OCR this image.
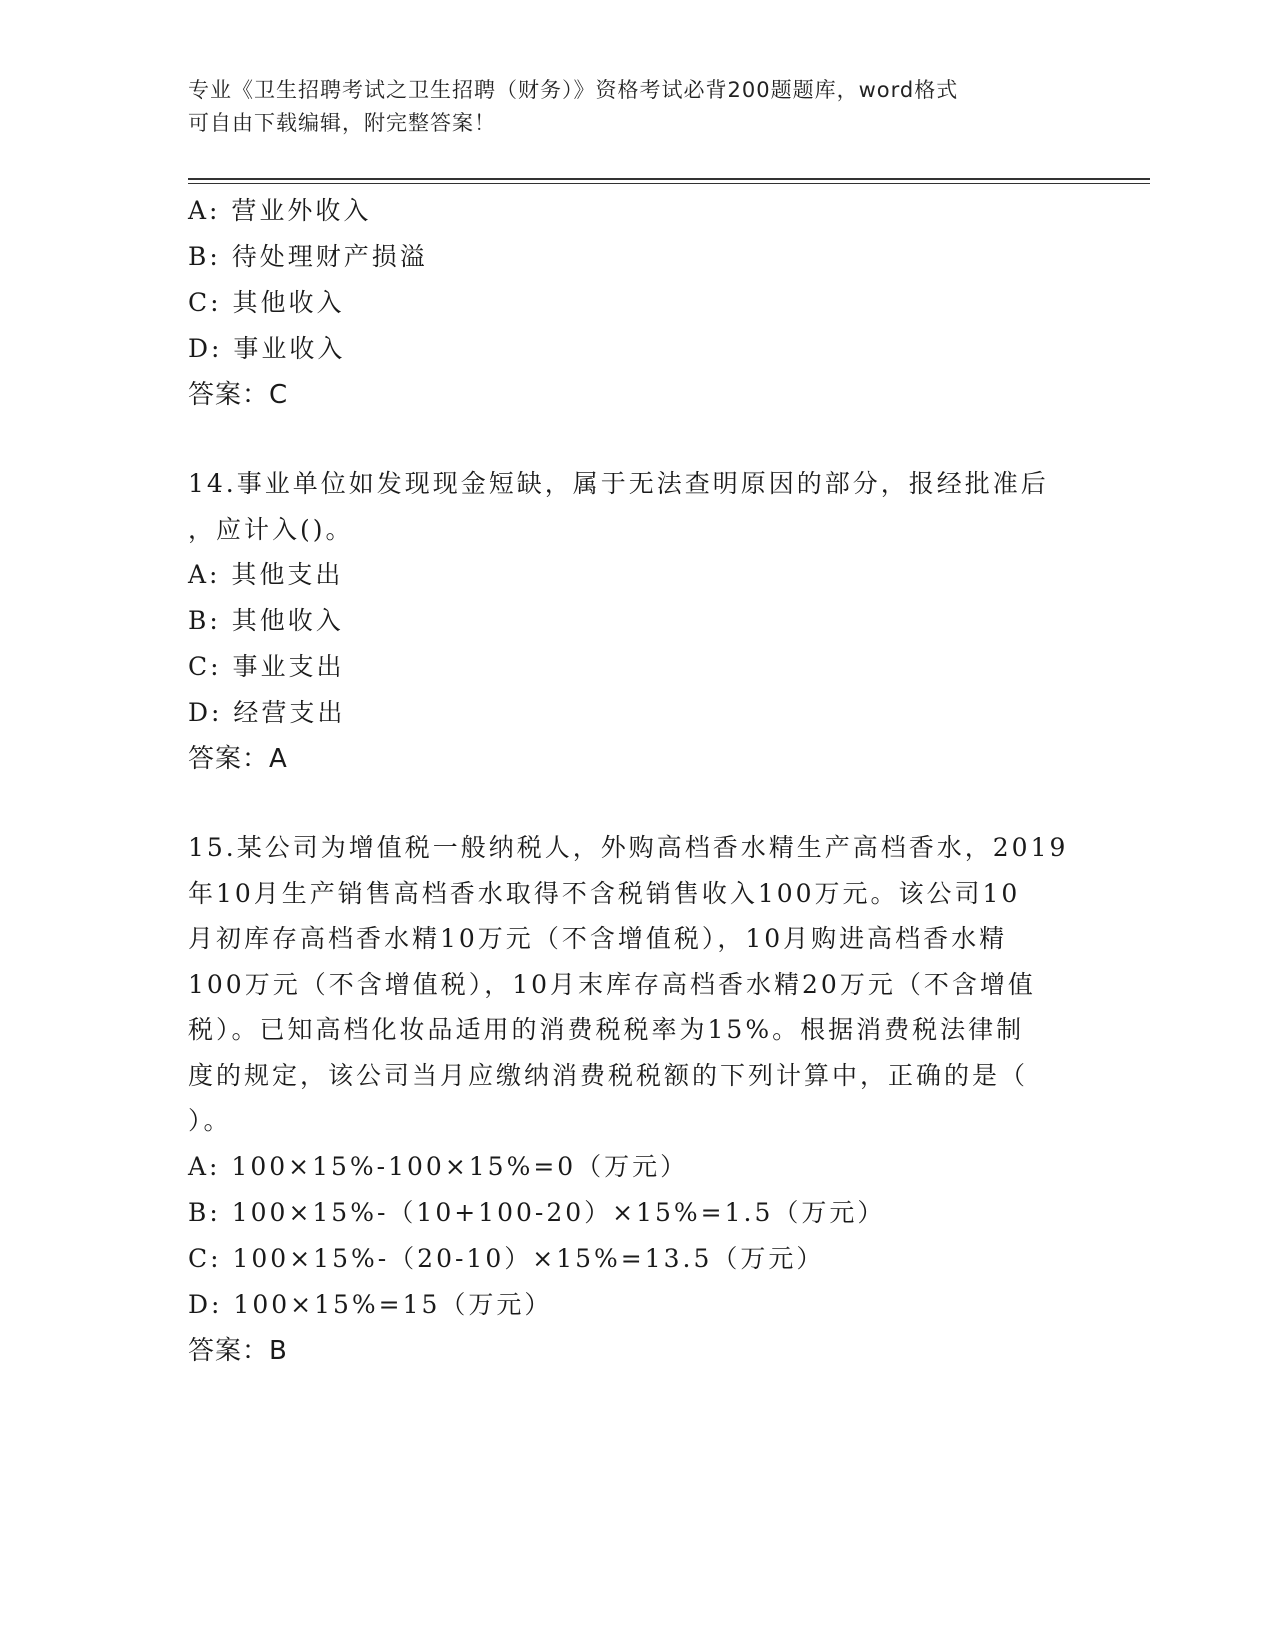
专业《卫生招聘考试之卫生招聘（财务）》资格考试必背200题题库，word格式
可自由下载编辑，附完整答案！

A: 营业外收入

B: 待处理财产损溢

C: 其他收入

D: 事业收入

答案：C

14.事业单位如发现现金短缺，属于无法查明原因的部分，报经批准后

，应计入()。

A: 其他支出

B: 其他收入

C: 事业支出

D: 经营支出

答案：A

15.某公司为增值税一般纳税人，外购高档香水精生产高档香水，2019

年10月生产销售高档香水取得不含税销售收入100万元。该公司10

月初库存高档香水精10万元（不含增值税），10月购进高档香水精

100万元（不含增值税），10月末库存高档香水精20万元（不含增值

税）。已知高档化妆品适用的消费税税率为15%。根据消费税法律制

度的规定，该公司当月应缴纳消费税税额的下列计算中，正确的是（

）。

A: 100×15%-100×15%=0（万元）

B: 100×15%-（10+100-20）×15%=1.5（万元）

C: 100×15%-（20-10）×15%=13.5（万元）

D: 100×15%=15（万元）

答案：B
